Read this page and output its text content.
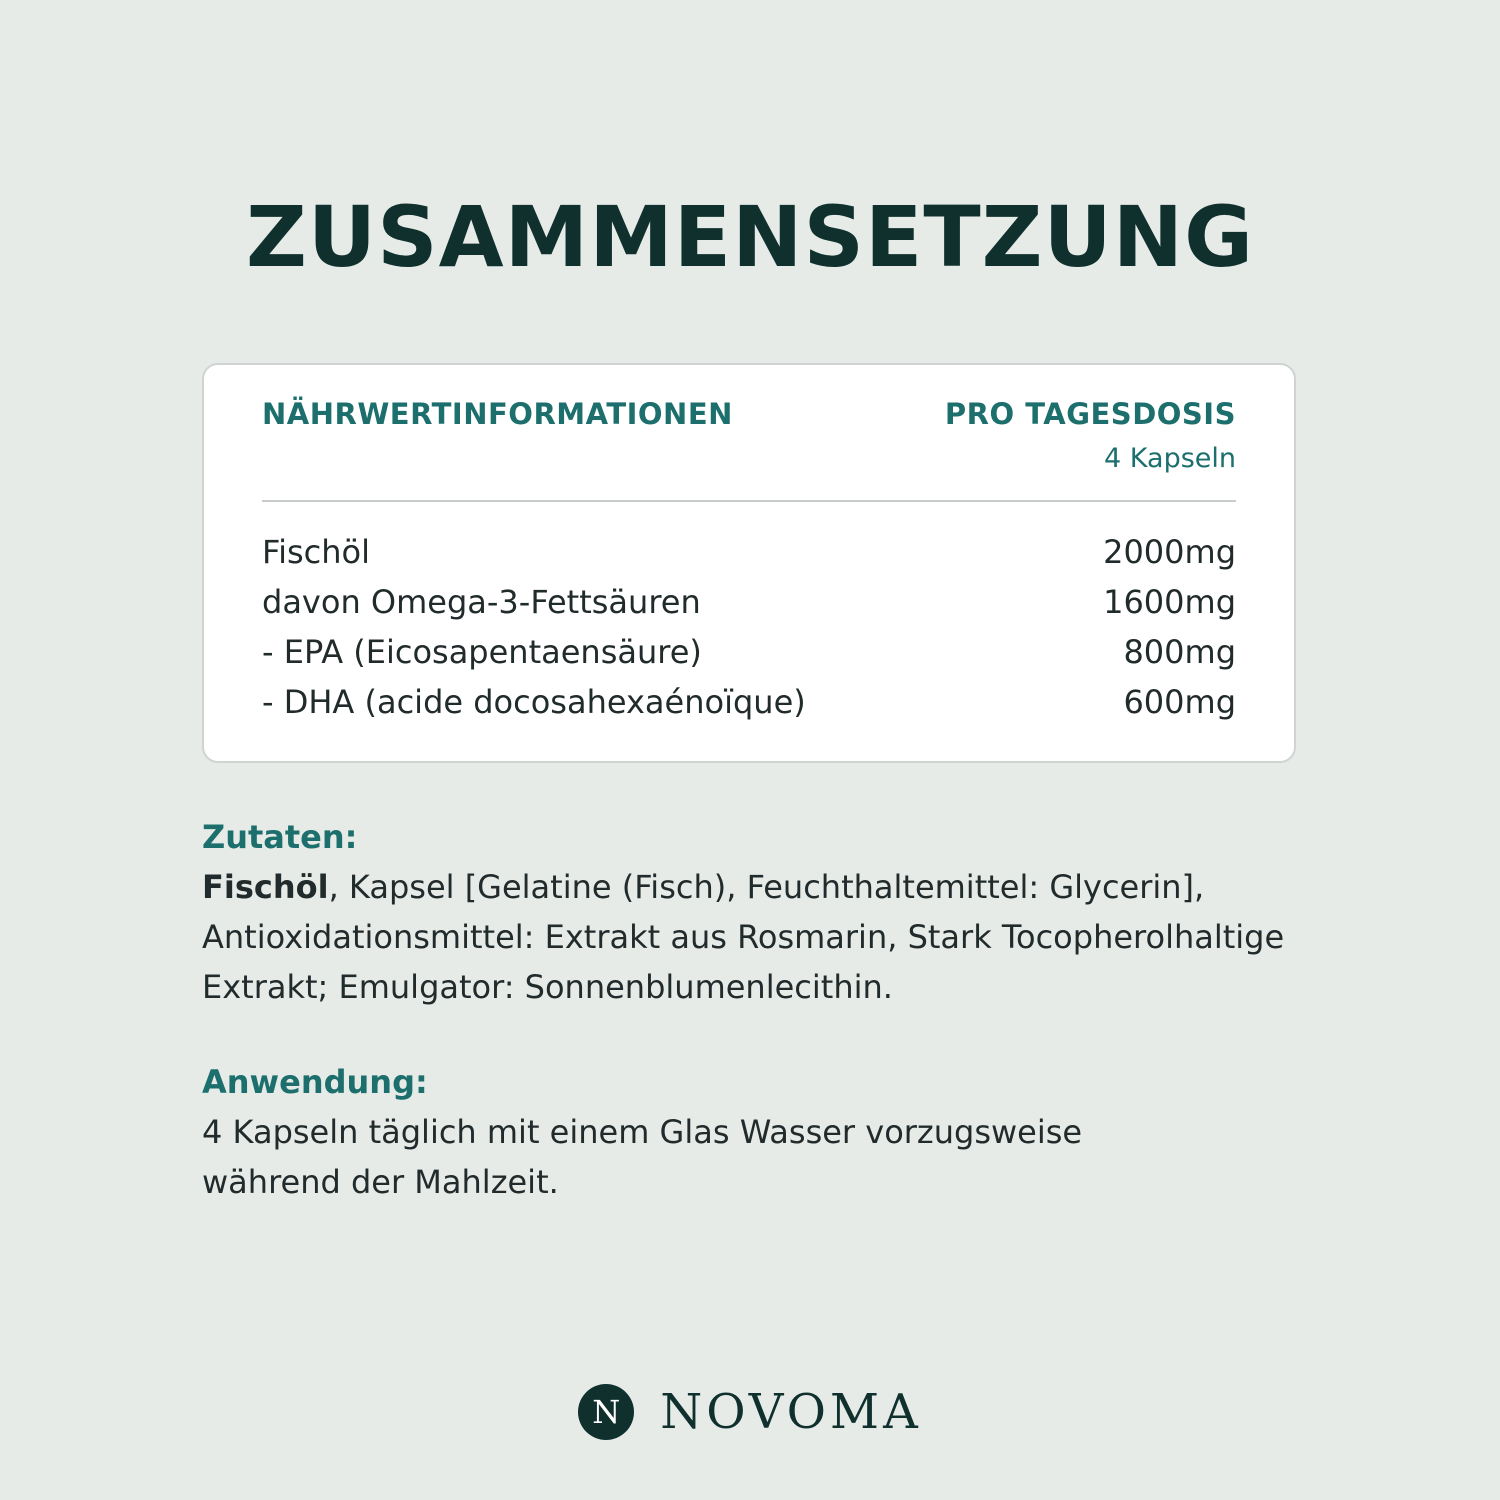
ZUSAMMENSETZUNG
NÄHRWERTINFORMATIONEN	PRO TAGESDOSIS
4 Kapseln
Fischöl	2000mg
davon Omega-3-Fettsäuren	1600mg
- EPA (Eicosapentaensäure)	800mg
- DHA (acide docosahexaénoïque)	600mg
Zutaten:
Fischöl, Kapsel [Gelatine (Fisch), Feuchthaltemittel: Glycerin], Antioxidationsmittel: Extrakt aus Rosmarin, Stark Tocopherolhaltige Extrakt; Emulgator: Sonnenblumenlecithin.
Anwendung:
4 Kapseln täglich mit einem Glas Wasser vorzugsweise während der Mahlzeit.
N NOVOMA
